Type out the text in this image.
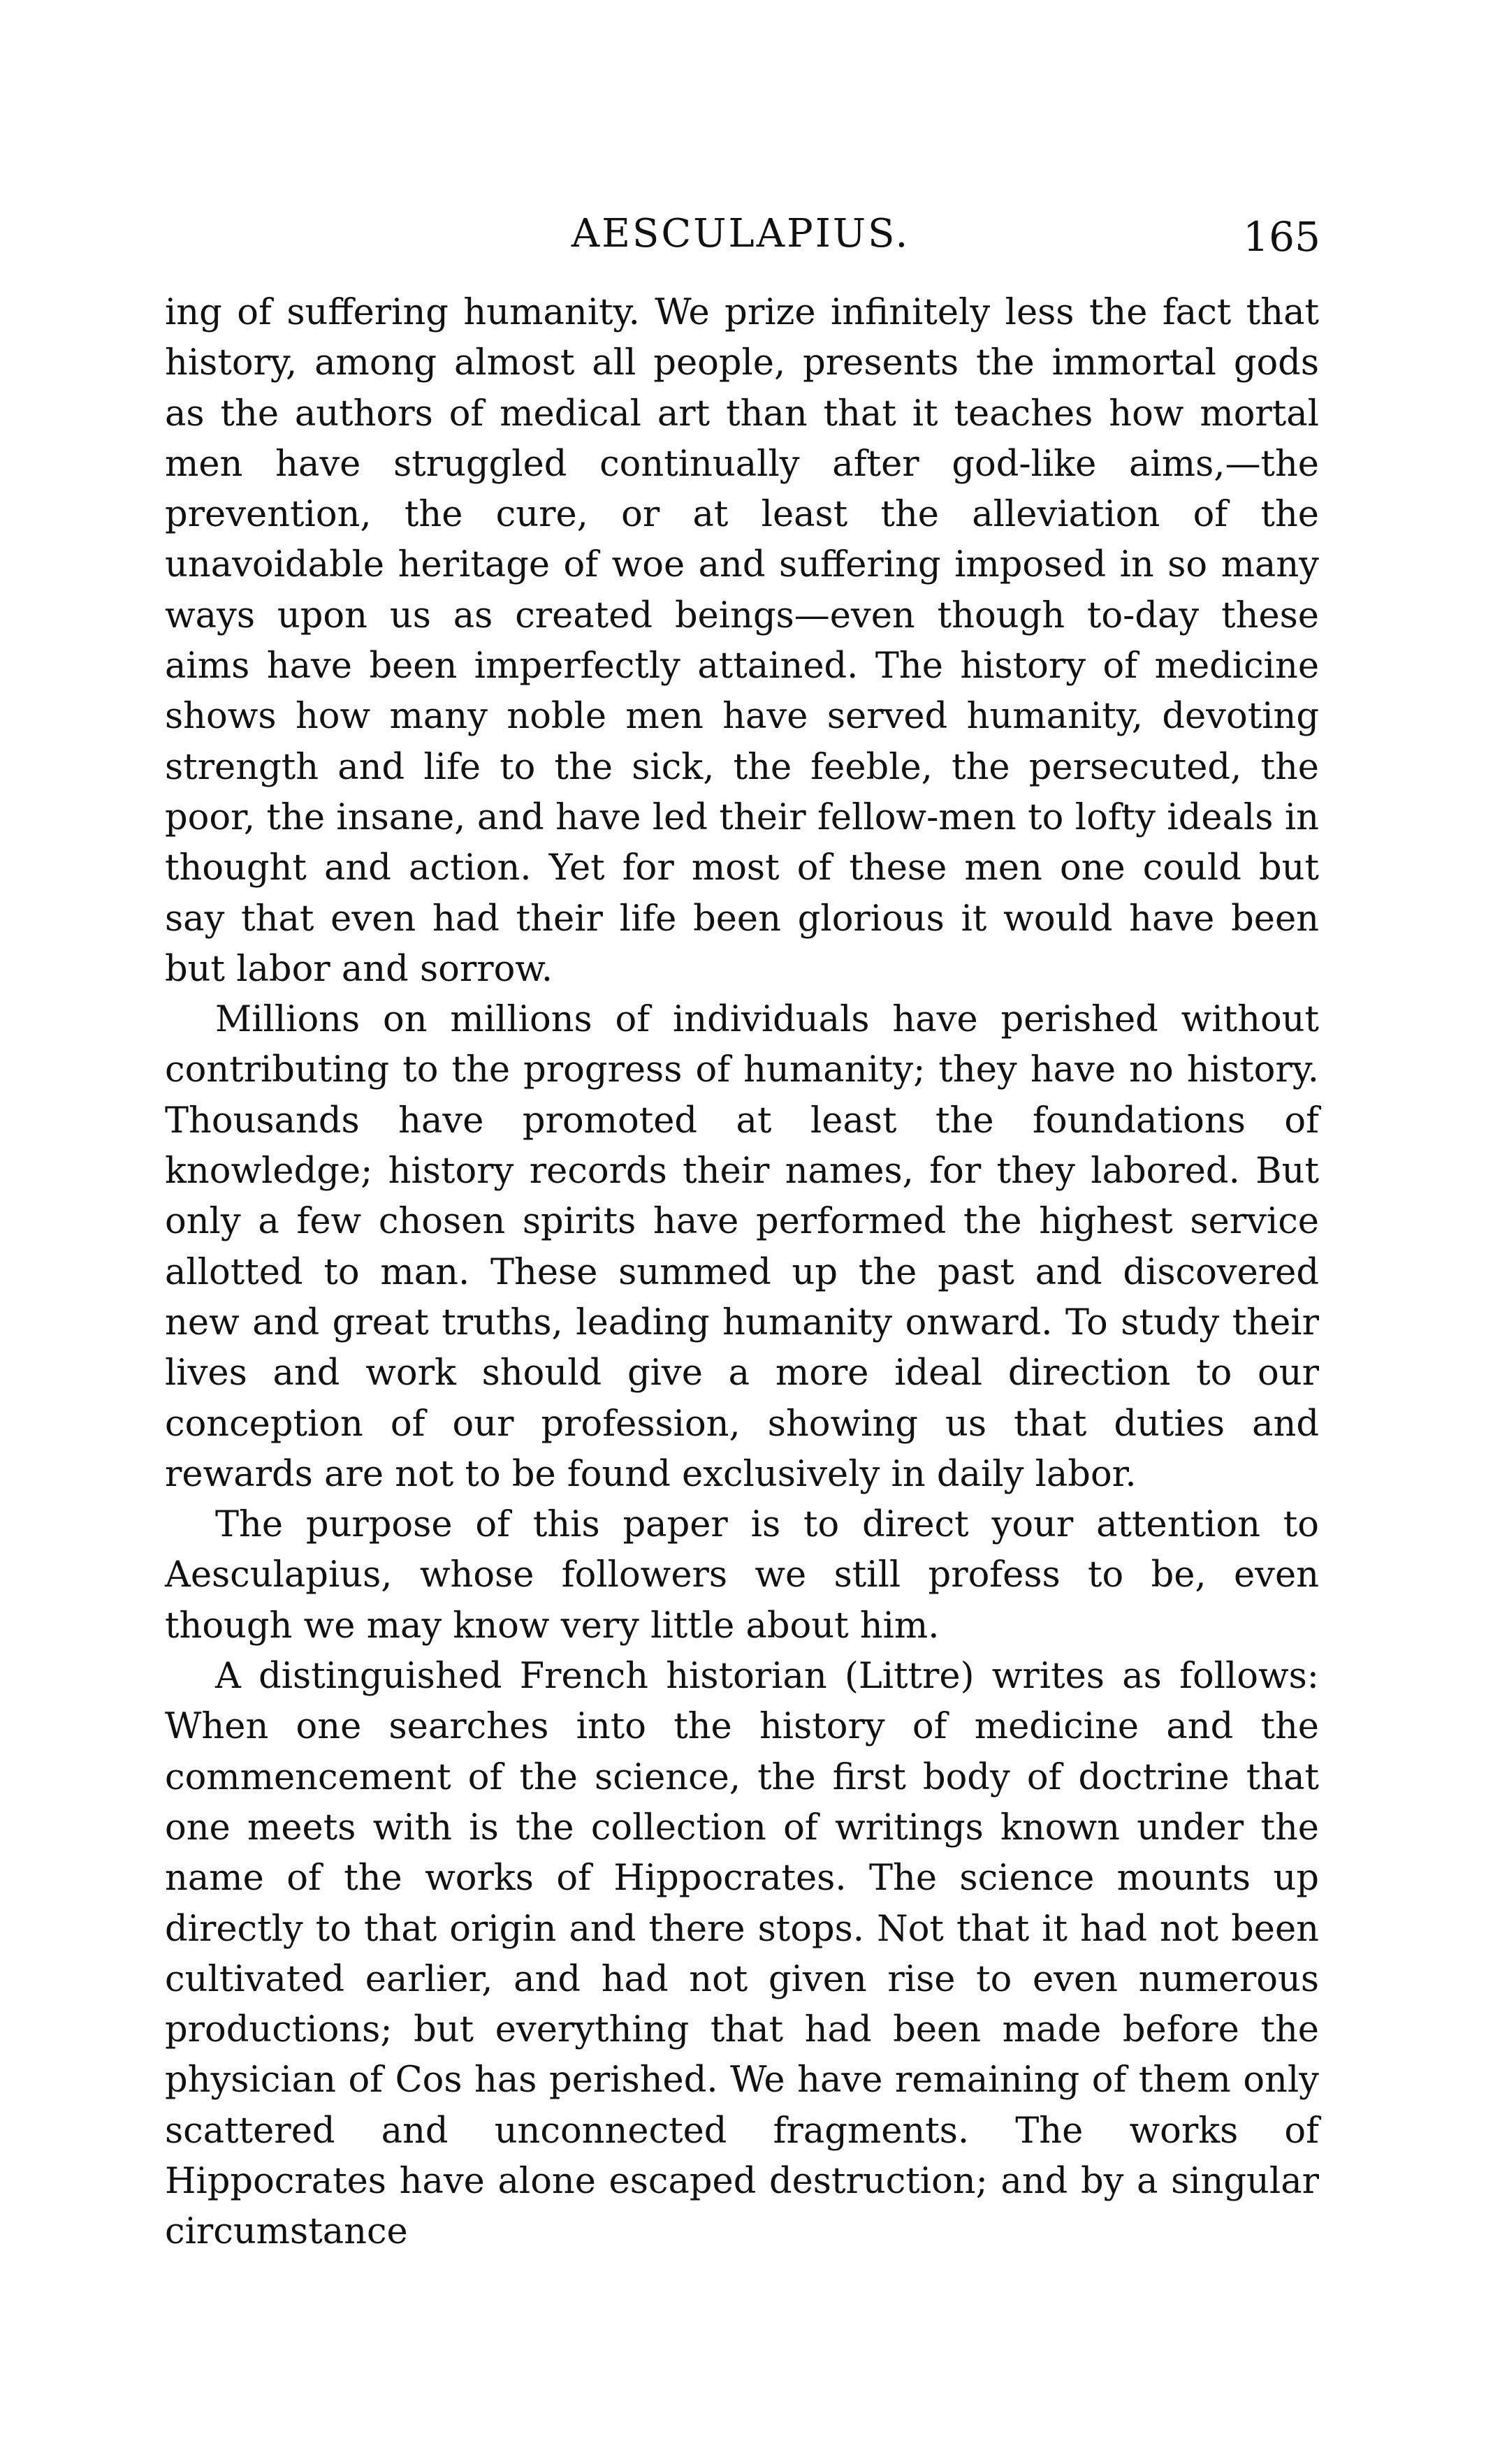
AESCULAPIUS.	165

ing of suffering humanity. We prize infinitely less the fact that history, among almost all people, presents the immortal gods as the authors of medical art than that it teaches how mortal men have struggled continually after god-like aims,—the prevention, the cure, or at least the alleviation of the unavoidable heritage of woe and suffering imposed in so many ways upon us as created beings—even though to-day these aims have been imperfectly attained. The history of medicine shows how many noble men have served humanity, devoting strength and life to the sick, the feeble, the persecuted, the poor, the insane, and have led their fellow-men to lofty ideals in thought and action. Yet for most of these men one could but say that even had their life been glorious it would have been but labor and sorrow.

Millions on millions of individuals have perished without contributing to the progress of humanity; they have no history. Thousands have promoted at least the foundations of knowledge; history records their names, for they labored. But only a few chosen spirits have performed the highest service allotted to man. These summed up the past and discovered new and great truths, leading humanity onward. To study their lives and work should give a more ideal direction to our conception of our profession, showing us that duties and rewards are not to be found exclusively in daily labor.

The purpose of this paper is to direct your attention to Aesculapius, whose followers we still profess to be, even though we may know very little about him.

A distinguished French historian (Littre) writes as follows: When one searches into the history of medicine and the commencement of the science, the first body of doctrine that one meets with is the collection of writings known under the name of the works of Hippocrates. The science mounts up directly to that origin and there stops. Not that it had not been cultivated earlier, and had not given rise to even numerous productions; but everything that had been made before the physician of Cos has perished. We have remaining of them only scattered and unconnected fragments. The works of Hippocrates have alone escaped destruction; and by a singular circumstance
